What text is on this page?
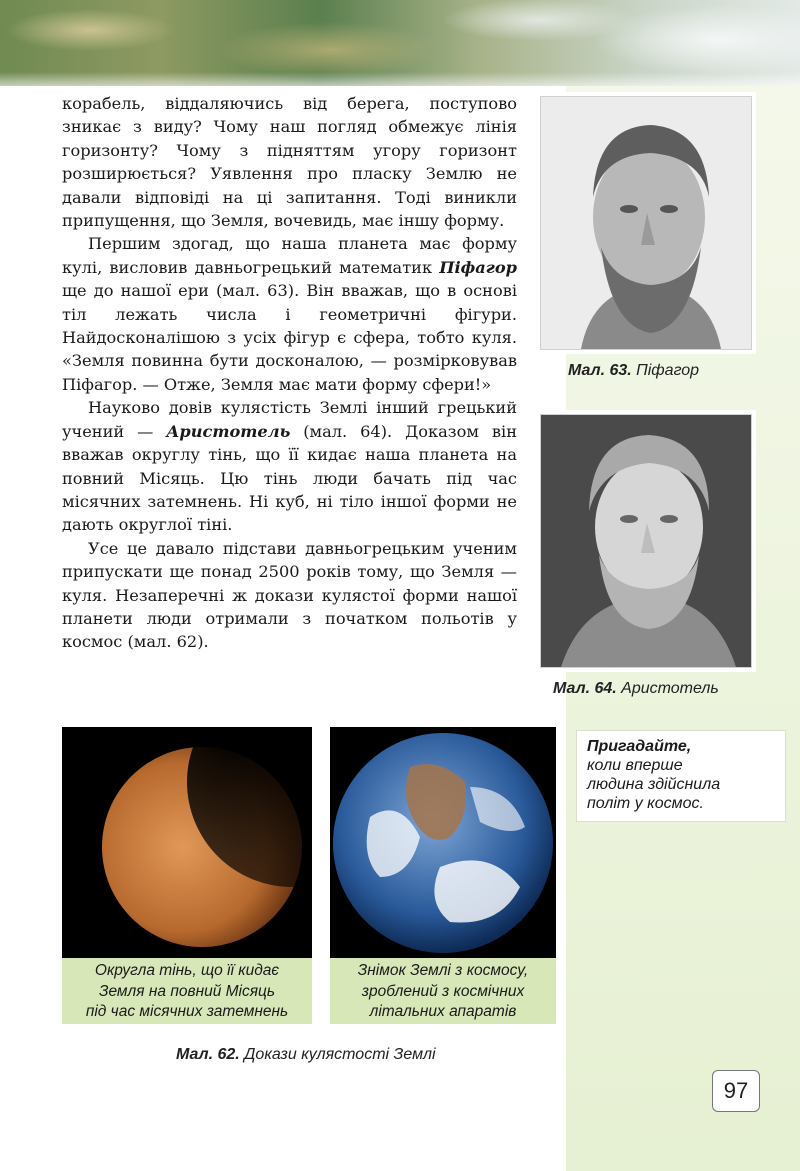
корабель, віддаляючись від берега, поступово зникає з виду? Чому наш погляд обмежує лінія горизонту? Чому з підняттям угору горизонт розширюється? Уявлення про пласку Землю не давали відповіді на ці запитання. Тоді виникли припущення, що Земля, вочевидь, має іншу форму.

Першим здогад, що наша планета має форму кулі, висловив давньогрецький математик Піфагор ще до нашої ери (мал. 63). Він вважав, що в основі тіл лежать числа і геометричні фігури. Найдосконалішою з усіх фігур є сфера, тобто куля. «Земля повинна бути досконалою, — розмірковував Піфагор. — Отже, Земля має мати форму сфери!»

Науково довів кулястість Землі інший грецький учений — Аристотель (мал. 64). Доказом він вважав округлу тінь, що її кидає наша планета на повний Місяць. Цю тінь люди бачать під час місячних затемнень. Ні куб, ні тіло іншої форми не дають округлої тіні.

Усе це давало підстави давньогрецьким ученим припускати ще понад 2500 років тому, що Земля — куля. Незаперечні ж докази кулястої форми нашої планети люди отримали з початком польотів у космос (мал. 62).

Мал. 63. Піфагор
Мал. 64. Аристотель
Пригадайте,
коли вперше
людина здійснила
політ у космос.
Округла тінь, що її кидає
Земля на повний Місяць
під час місячних затемнень
Знімок Землі з космосу,
зроблений з космічних
літальних апаратів
Мал. 62. Докази кулястості Землі
97
